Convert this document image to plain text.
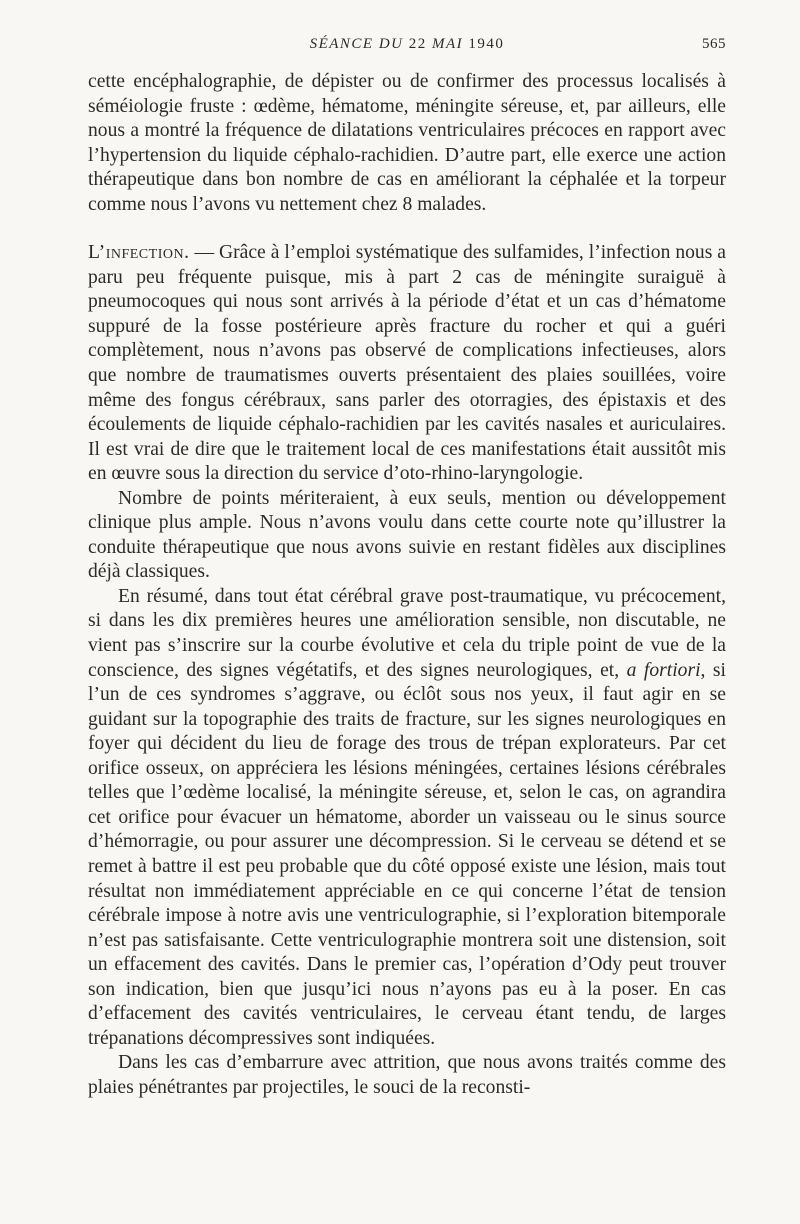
SÉANCE DU 22 MAI 1940	565

cette encéphalographie, de dépister ou de confirmer des processus localisés à séméiologie fruste : œdème, hématome, méningite séreuse, et, par ailleurs, elle nous a montré la fréquence de dilatations ventriculaires précoces en rapport avec l’hypertension du liquide céphalo-rachidien. D’autre part, elle exerce une action thérapeutique dans bon nombre de cas en améliorant la céphalée et la torpeur comme nous l’avons vu nettement chez 8 malades.

L’infection. — Grâce à l’emploi systématique des sulfamides, l’infection nous a paru peu fréquente puisque, mis à part 2 cas de méningite suraiguë à pneumocoques qui nous sont arrivés à la période d’état et un cas d’hématome suppuré de la fosse postérieure après fracture du rocher et qui a guéri complètement, nous n’avons pas observé de complications infectieuses, alors que nombre de traumatismes ouverts présentaient des plaies souillées, voire même des fongus cérébraux, sans parler des otorragies, des épistaxis et des écoulements de liquide céphalo-rachidien par les cavités nasales et auriculaires. Il est vrai de dire que le traitement local de ces manifestations était aussitôt mis en œuvre sous la direction du service d’oto-rhino-laryngologie.

Nombre de points mériteraient, à eux seuls, mention ou développement clinique plus ample. Nous n’avons voulu dans cette courte note qu’illustrer la conduite thérapeutique que nous avons suivie en restant fidèles aux disciplines déjà classiques.

En résumé, dans tout état cérébral grave post-traumatique, vu précocement, si dans les dix premières heures une amélioration sensible, non discutable, ne vient pas s’inscrire sur la courbe évolutive et cela du triple point de vue de la conscience, des signes végétatifs, et des signes neurologiques, et, a fortiori, si l’un de ces syndromes s’aggrave, ou éclôt sous nos yeux, il faut agir en se guidant sur la topographie des traits de fracture, sur les signes neurologiques en foyer qui décident du lieu de forage des trous de trépan explorateurs. Par cet orifice osseux, on appréciera les lésions méningées, certaines lésions cérébrales telles que l’œdème localisé, la méningite séreuse, et, selon le cas, on agrandira cet orifice pour évacuer un hématome, aborder un vaisseau ou le sinus source d’hémorragie, ou pour assurer une décompression. Si le cerveau se détend et se remet à battre il est peu probable que du côté opposé existe une lésion, mais tout résultat non immédiatement appréciable en ce qui concerne l’état de tension cérébrale impose à notre avis une ventriculographie, si l’exploration bitemporale n’est pas satisfaisante. Cette ventriculographie montrera soit une distension, soit un effacement des cavités. Dans le premier cas, l’opération d’Ody peut trouver son indication, bien que jusqu’ici nous n’ayons pas eu à la poser. En cas d’effacement des cavités ventriculaires, le cerveau étant tendu, de larges trépanations décompressives sont indiquées.

Dans les cas d’embarrure avec attrition, que nous avons traités comme des plaies pénétrantes par projectiles, le souci de la reconsti-
